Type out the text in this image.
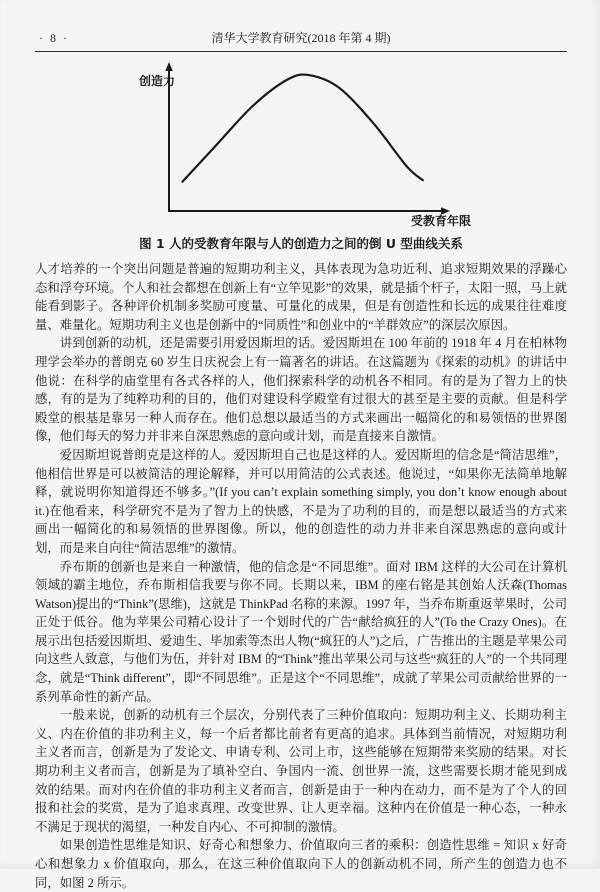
· 8 ·	清华大学教育研究(2018 年第 4 期)
创造力
受教育年限
图 1 人的受教育年限与人的创造力之间的倒 U 型曲线关系

人才培养的一个突出问题是普遍的短期功利主义，具体表现为急功近利、追求短期效果的浮躁心态和浮夸环境。个人和社会都想在创新上有“立竿见影”的效果，就是插个杆子，太阳一照，马上就能看到影子。各种评价机制多奖励可度量、可量化的成果，但是有创造性和长远的成果往往难度量、难量化。短期功利主义也是创新中的“同质性”和创业中的“羊群效应”的深层次原因。

讲到创新的动机，还是需要引用爱因斯坦的话。爱因斯坦在 100 年前的 1918 年 4 月在柏林物理学会举办的普朗克 60 岁生日庆祝会上有一篇著名的讲话。在这篇题为《探索的动机》的讲话中他说：在科学的庙堂里有各式各样的人，他们探索科学的动机各不相同。有的是为了智力上的快感，有的是为了纯粹功利的目的，他们对建设科学殿堂有过很大的甚至是主要的贡献。但是科学殿堂的根基是靠另一种人而存在。他们总想以最适当的方式来画出一幅简化的和易领悟的世界图像，他们每天的努力并非来自深思熟虑的意向或计划，而是直接来自激情。

爱因斯坦说普朗克是这样的人。爱因斯坦自己也是这样的人。爱因斯坦的信念是“简洁思维”，他相信世界是可以被简洁的理论解释，并可以用简洁的公式表述。他说过，“如果你无法简单地解释，就说明你知道得还不够多。”(If you can’t explain something simply, you don’t know enough about it.)在他看来，科学研究不是为了智力上的快感，不是为了功利的目的，而是想以最适当的方式来画出一幅简化的和易领悟的世界图像。所以，他的创造性的动力并非来自深思熟虑的意向或计划，而是来自向往“简洁思维”的激情。

乔布斯的创新也是来自一种激情，他的信念是“不同思维”。面对 IBM 这样的大公司在计算机领域的霸主地位，乔布斯相信我要与你不同。长期以来，IBM 的座右铭是其创始人沃森(Thomas Watson)提出的“Think”(思维)，这就是 ThinkPad 名称的来源。1997 年，当乔布斯重返苹果时，公司正处于低谷。他为苹果公司精心设计了一个划时代的广告“献给疯狂的人”(To the Crazy Ones)。在展示出包括爱因斯坦、爱迪生、毕加索等杰出人物(“疯狂的人”)之后，广告推出的主题是苹果公司向这些人致意，与他们为伍，并针对 IBM 的“Think”推出苹果公司与这些“疯狂的人”的一个共同理念，就是“Think different”，即“不同思维”。正是这个“不同思维”，成就了苹果公司贡献给世界的一系列革命性的新产品。

一般来说，创新的动机有三个层次，分别代表了三种价值取向：短期功利主义、长期功利主义、内在价值的非功利主义，每一个后者都比前者有更高的追求。具体到当前情况，对短期功利主义者而言，创新是为了发论文、申请专利、公司上市，这些能够在短期带来奖励的结果。对长期功利主义者而言，创新是为了填补空白、争国内一流、创世界一流，这些需要长期才能见到成效的结果。而对内在价值的非功利主义者而言，创新是由于一种内在动力，而不是为了个人的回报和社会的奖赏，是为了追求真理、改变世界、让人更幸福。这种内在价值是一种心态，一种永不满足于现状的渴望，一种发自内心、不可抑制的激情。

如果创造性思维是知识、好奇心和想象力、价值取向三者的乘积：创造性思维 = 知识 x 好奇心和想象力 x 价值取向，那么，在这三种价值取向下人的创新动机不同，所产生的创造力也不同，如图 2 所示。
